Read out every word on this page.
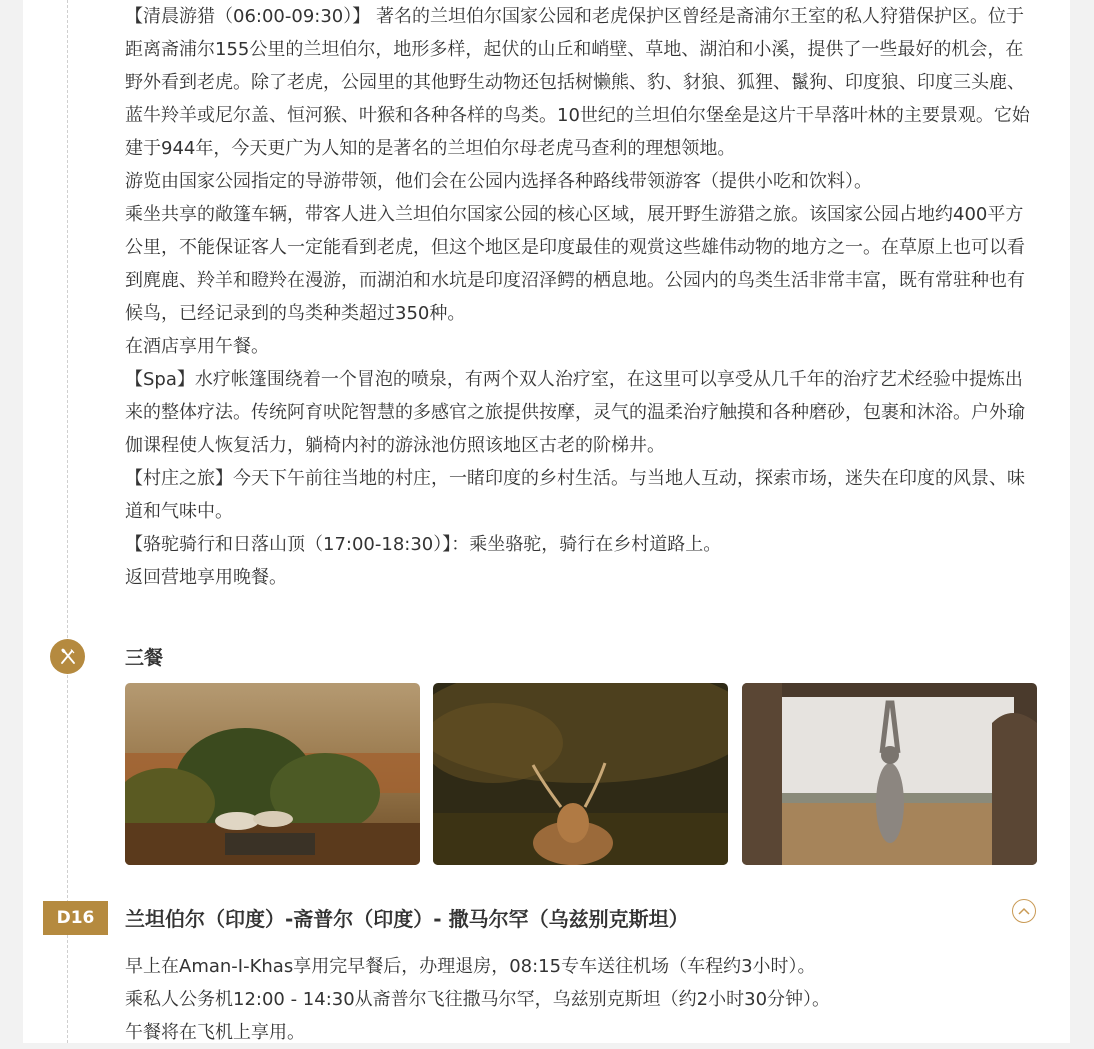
【清晨游猎（06:00-09:30）】 著名的兰坦伯尔国家公园和老虎保护区曾经是斋浦尔王室的私人狩猎保护区。位于距离斋浦尔155公里的兰坦伯尔，地形多样，起伏的山丘和峭壁、草地、湖泊和小溪，提供了一些最好的机会，在野外看到老虎。除了老虎，公园里的其他野生动物还包括树懒熊、豹、豺狼、狐狸、鬣狗、印度狼、印度三头鹿、蓝牛羚羊或尼尔盖、恒河猴、叶猴和各种各样的鸟类。10世纪的兰坦伯尔堡垒是这片干旱落叶林的主要景观。它始建于944年，今天更广为人知的是著名的兰坦伯尔母老虎马查利的理想领地。

游览由国家公园指定的导游带领，他们会在公园内选择各种路线带领游客（提供小吃和饮料）。

乘坐共享的敞篷车辆，带客人进入兰坦伯尔国家公园的核心区域，展开野生游猎之旅。该国家公园占地约400平方公里，不能保证客人一定能看到老虎，但这个地区是印度最佳的观赏这些雄伟动物的地方之一。在草原上也可以看到麂鹿、羚羊和瞪羚在漫游，而湖泊和水坑是印度沼泽鳄的栖息地。公园内的鸟类生活非常丰富，既有常驻种也有候鸟，已经记录到的鸟类种类超过350种。

在酒店享用午餐。

【Spa】水疗帐篷围绕着一个冒泡的喷泉，有两个双人治疗室，在这里可以享受从几千年的治疗艺术经验中提炼出来的整体疗法。传统阿育吠陀智慧的多感官之旅提供按摩，灵气的温柔治疗触摸和各种磨砂，包裹和沐浴。户外瑜伽课程使人恢复活力，躺椅内衬的游泳池仿照该地区古老的阶梯井。

【村庄之旅】今天下午前往当地的村庄，一睹印度的乡村生活。与当地人互动，探索市场，迷失在印度的风景、味道和气味中。

【骆驼骑行和日落山顶（17:00-18:30）】：乘坐骆驼，骑行在乡村道路上。

返回营地享用晚餐。

三餐
D16	兰坦伯尔（印度）-斋普尔（印度）- 撒马尔罕（乌兹别克斯坦）

早上在Aman-I-Khas享用完早餐后，办理退房，08:15专车送往机场（车程约3小时）。

乘私人公务机12:00 - 14:30从斋普尔飞往撒马尔罕，乌兹别克斯坦（约2小时30分钟）。

午餐将在飞机上享用。
